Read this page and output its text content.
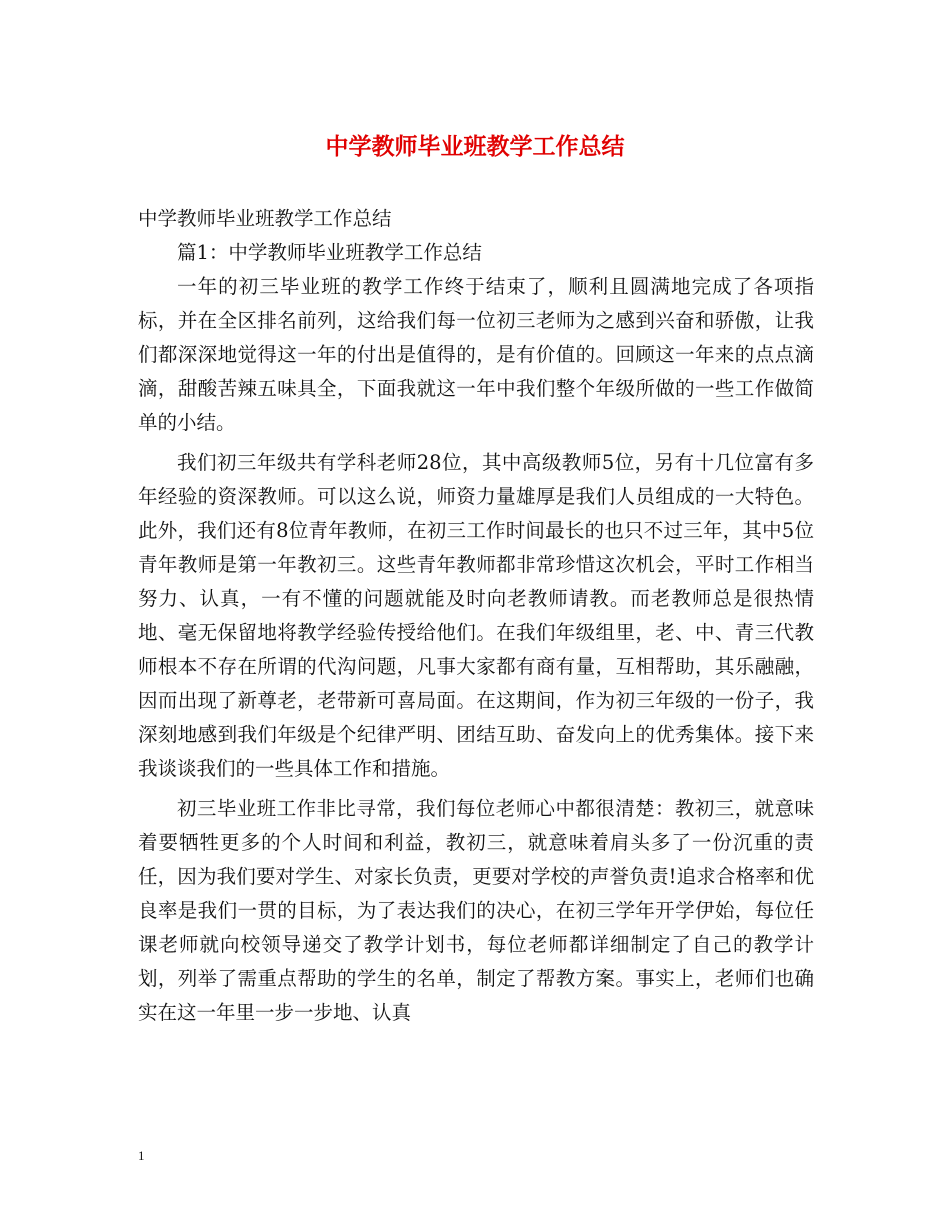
中学教师毕业班教学工作总结

中学教师毕业班教学工作总结

篇1：中学教师毕业班教学工作总结

一年的初三毕业班的教学工作终于结束了，顺利且圆满地完成了各项指标，并在全区排名前列，这给我们每一位初三老师为之感到兴奋和骄傲，让我们都深深地觉得这一年的付出是值得的，是有价值的。回顾这一年来的点点滴滴，甜酸苦辣五味具全，下面我就这一年中我们整个年级所做的一些工作做简单的小结。

我们初三年级共有学科老师28位，其中高级教师5位，另有十几位富有多年经验的资深教师。可以这么说，师资力量雄厚是我们人员组成的一大特色。此外，我们还有8位青年教师，在初三工作时间最长的也只不过三年，其中5位青年教师是第一年教初三。这些青年教师都非常珍惜这次机会，平时工作相当努力、认真，一有不懂的问题就能及时向老教师请教。而老教师总是很热情地、毫无保留地将教学经验传授给他们。在我们年级组里，老、中、青三代教师根本不存在所谓的代沟问题，凡事大家都有商有量，互相帮助，其乐融融，因而出现了新尊老，老带新可喜局面。在这期间，作为初三年级的一份子，我深刻地感到我们年级是个纪律严明、团结互助、奋发向上的优秀集体。接下来我谈谈我们的一些具体工作和措施。

初三毕业班工作非比寻常，我们每位老师心中都很清楚：教初三，就意味着要牺牲更多的个人时间和利益，教初三，就意味着肩头多了一份沉重的责任，因为我们要对学生、对家长负责，更要对学校的声誉负责!追求合格率和优良率是我们一贯的目标，为了表达我们的决心，在初三学年开学伊始，每位任课老师就向校领导递交了教学计划书，每位老师都详细制定了自己的教学计划，列举了需重点帮助的学生的名单，制定了帮教方案。事实上，老师们也确实在这一年里一步一步地、认真

1
